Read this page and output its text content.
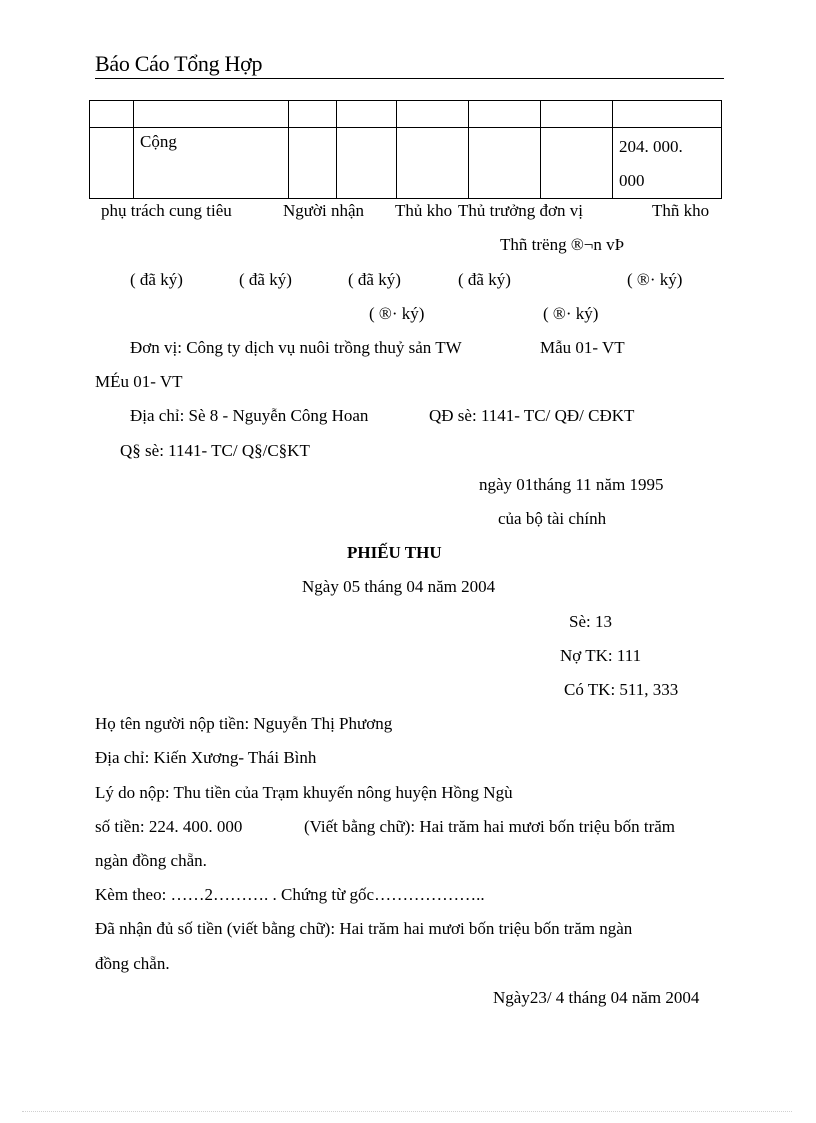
Báo Cáo Tổng Hợp

	Cộng						204. 000.
000
phụ trách cung tiêu	Người nhận Thủ kho Thủ trưởng đơn vị	Thñ kho
Thñ trëng ®¬n vÞ
( đã ký)	( đã ký)	( đã ký)	( đã ký)	( ®· ký)
( ®· ký)	( ®· ký)
Đơn vị: Công ty dịch vụ nuôi trồng thuỷ sản TW	Mẫu 01- VT
MÉu 01- VT
Địa chỉ: Sè 8 - Nguyễn Công Hoan	QĐ sè: 1141- TC/ QĐ/ CĐKT
Q§ sè: 1141- TC/ Q§/C§KT
ngày 01tháng 11 năm 1995
của bộ tài chính
PHIẾU THU
Ngày 05 tháng 04 năm 2004
Sè: 13
Nợ TK: 111
Có TK: 511, 333
Họ tên người nộp tiền: Nguyễn Thị Phương
Địa chỉ: Kiến Xương- Thái Bình
Lý do nộp: Thu tiền của Trạm khuyến nông huyện Hồng Ngù
số tiền: 224. 400. 000	(Viết bằng chữ): Hai trăm hai mươi bốn triệu bốn trăm
ngàn đồng chẵn.
Kèm theo: ……2………. . Chứng từ gốc………………..
Đã nhận đủ số tiền (viết bằng chữ): Hai trăm hai mươi bốn triệu bốn trăm ngàn
đồng chẵn.
Ngày23/ 4 tháng 04 năm 2004
